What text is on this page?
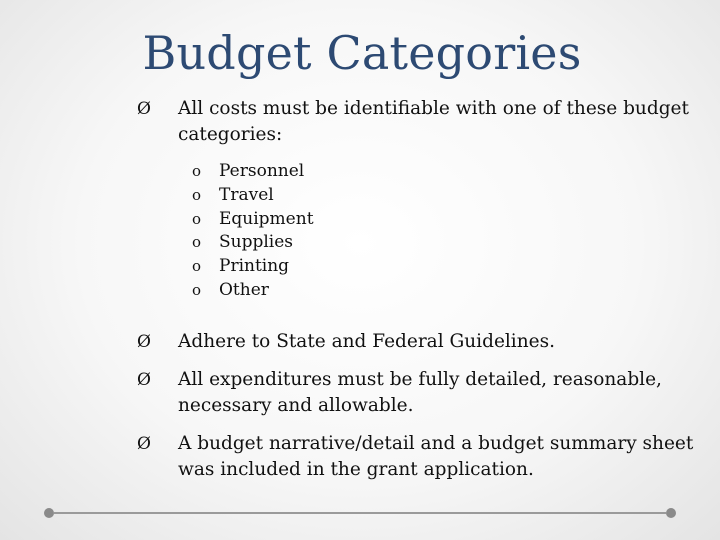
Budget Categories
Ø All costs must be identifiable with one of these budget categories:
o Personnel
o Travel
o Equipment
o Supplies
o Printing
o Other
Ø Adhere to State and Federal Guidelines.
Ø All expenditures must be fully detailed, reasonable, necessary and allowable.
Ø A budget narrative/detail and a budget summary sheet was included in the grant application.
